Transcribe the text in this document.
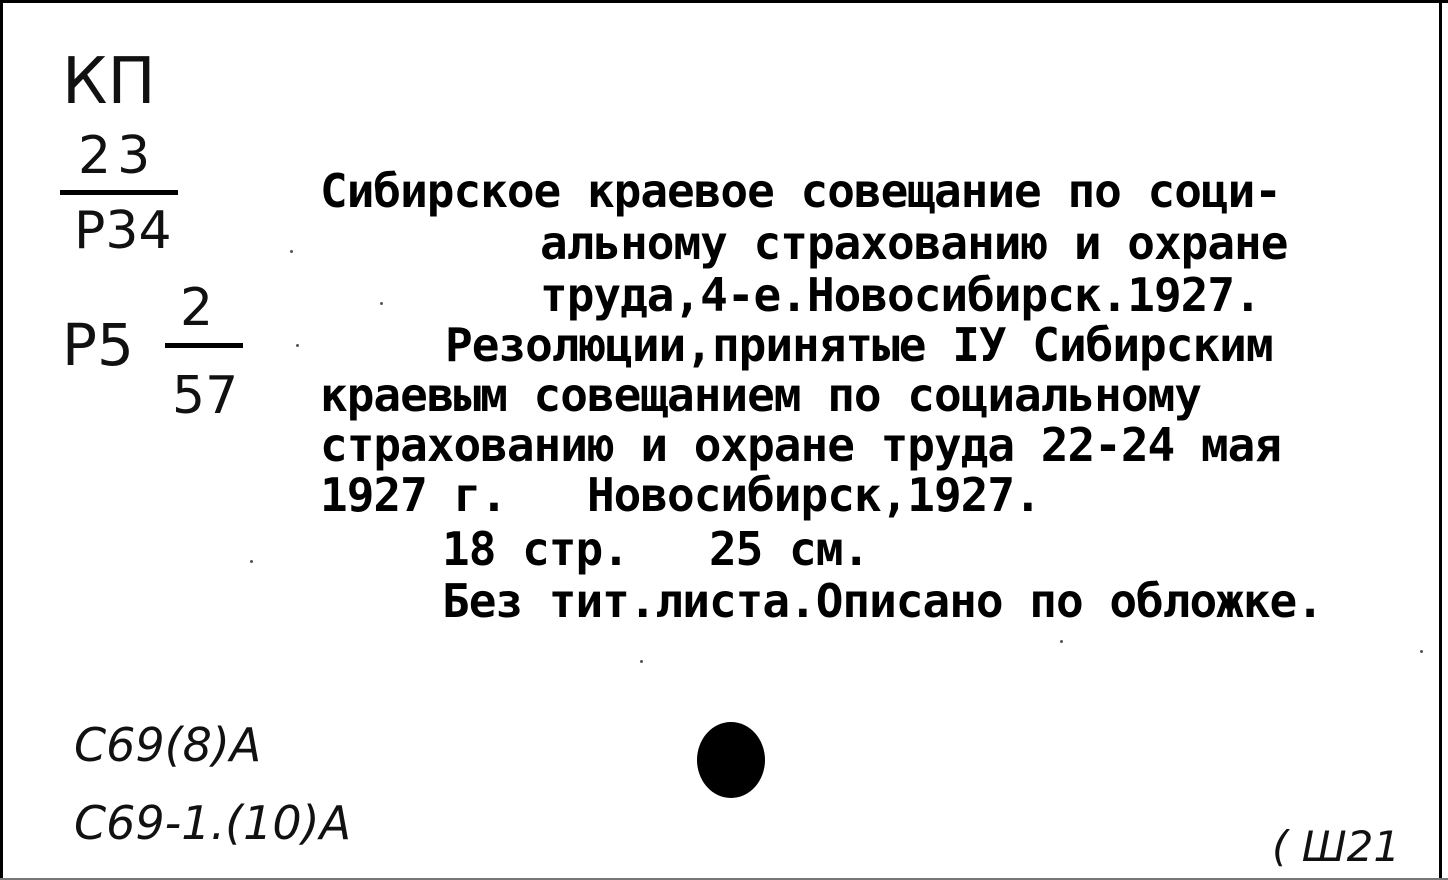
КП
23
Р34
Р5
2
57
Сибирское краевое совещание по соци-
альному страхованию и охране
труда,4-е.Новосибирск.1927.
Резолюции,принятые IУ Сибирским
краевым совещанием по социальному
страхованию и охране труда 22-24 мая
1927 г.   Новосибирск,1927.
18 стр.   25 см.
Без тит.листа.Описано по обложке.
С69(8)А
С69-1.(10)А	( Ш21
